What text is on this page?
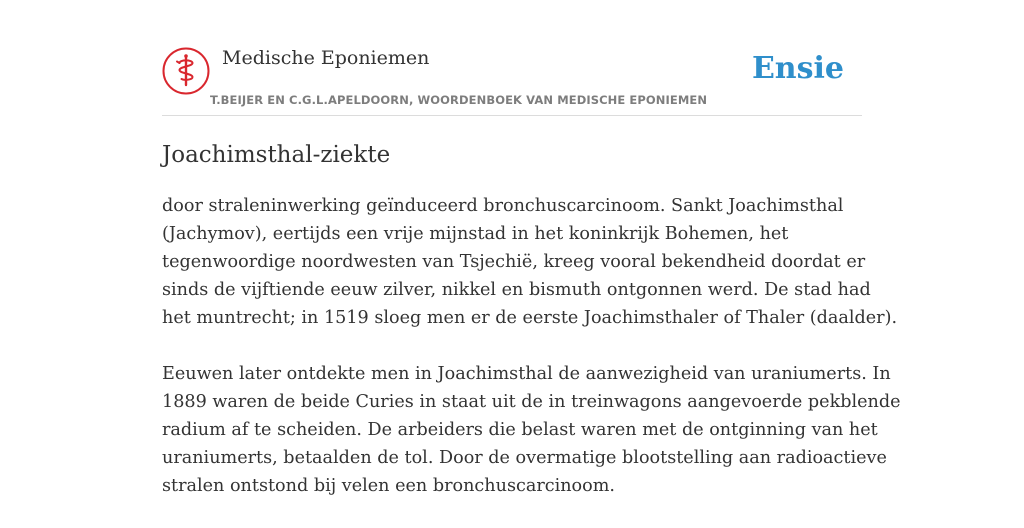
Medische Eponiemen
T.BEIJER EN C.G.L.APELDOORN, WOORDENBOEK VAN MEDISCHE EPONIEMEN
Ensie
Joachimsthal-ziekte

door straleninwerking geïnduceerd bronchuscarcinoom. Sankt Joachimsthal
(Jachymov), eertijds een vrije mijnstad in het koninkrijk Bohemen, het
tegenwoordige noordwesten van Tsjechië, kreeg vooral bekendheid doordat er
sinds de vijftiende eeuw zilver, nikkel en bismuth ontgonnen werd. De stad had
het muntrecht; in 1519 sloeg men er de eerste Joachimsthaler of Thaler (daalder).

Eeuwen later ontdekte men in Joachimsthal de aanwezigheid van uraniumerts. In
1889 waren de beide Curies in staat uit de in treinwagons aangevoerde pekblende
radium af te scheiden. De arbeiders die belast waren met de ontginning van het
uraniumerts, betaalden de tol. Door de overmatige blootstelling aan radioactieve
stralen ontstond bij velen een bronchuscarcinoom.
